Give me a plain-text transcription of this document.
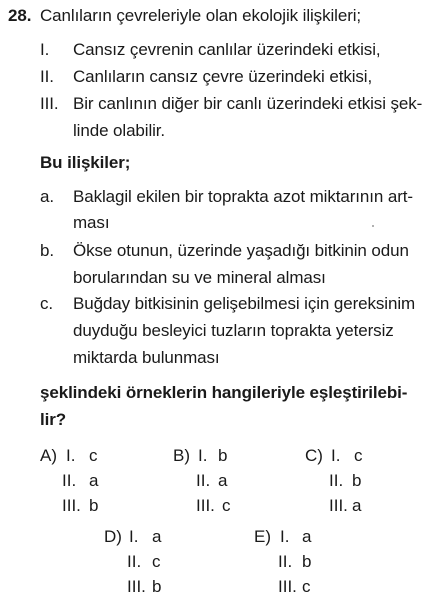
28. Canlıların çevreleriyle olan ekolojik ilişkileri;
I. Cansız çevrenin canlılar üzerindeki etkisi,
II. Canlıların cansız çevre üzerindeki etkisi,
III. Bir canlının diğer bir canlı üzerindeki etkisi şek-
linde olabilir.
Bu ilişkiler;
a. Baklagil ekilen bir toprakta azot miktarının art-
ması
b. Ökse otunun, üzerinde yaşadığı bitkinin odun
borularından su ve mineral alması
c. Buğday bitkisinin gelişebilmesi için gereksinim
duyduğu besleyici tuzların toprakta yetersiz
miktarda bulunması
şeklindeki örneklerin hangileriyle eşleştirilebi-
lir?
A) I. c
II. a
III. b
B) I. b
II. a
III. c
C) I. c
II. b
III. a
D) I. a
II. c
III. b
E) I. a
II. b
III. c
